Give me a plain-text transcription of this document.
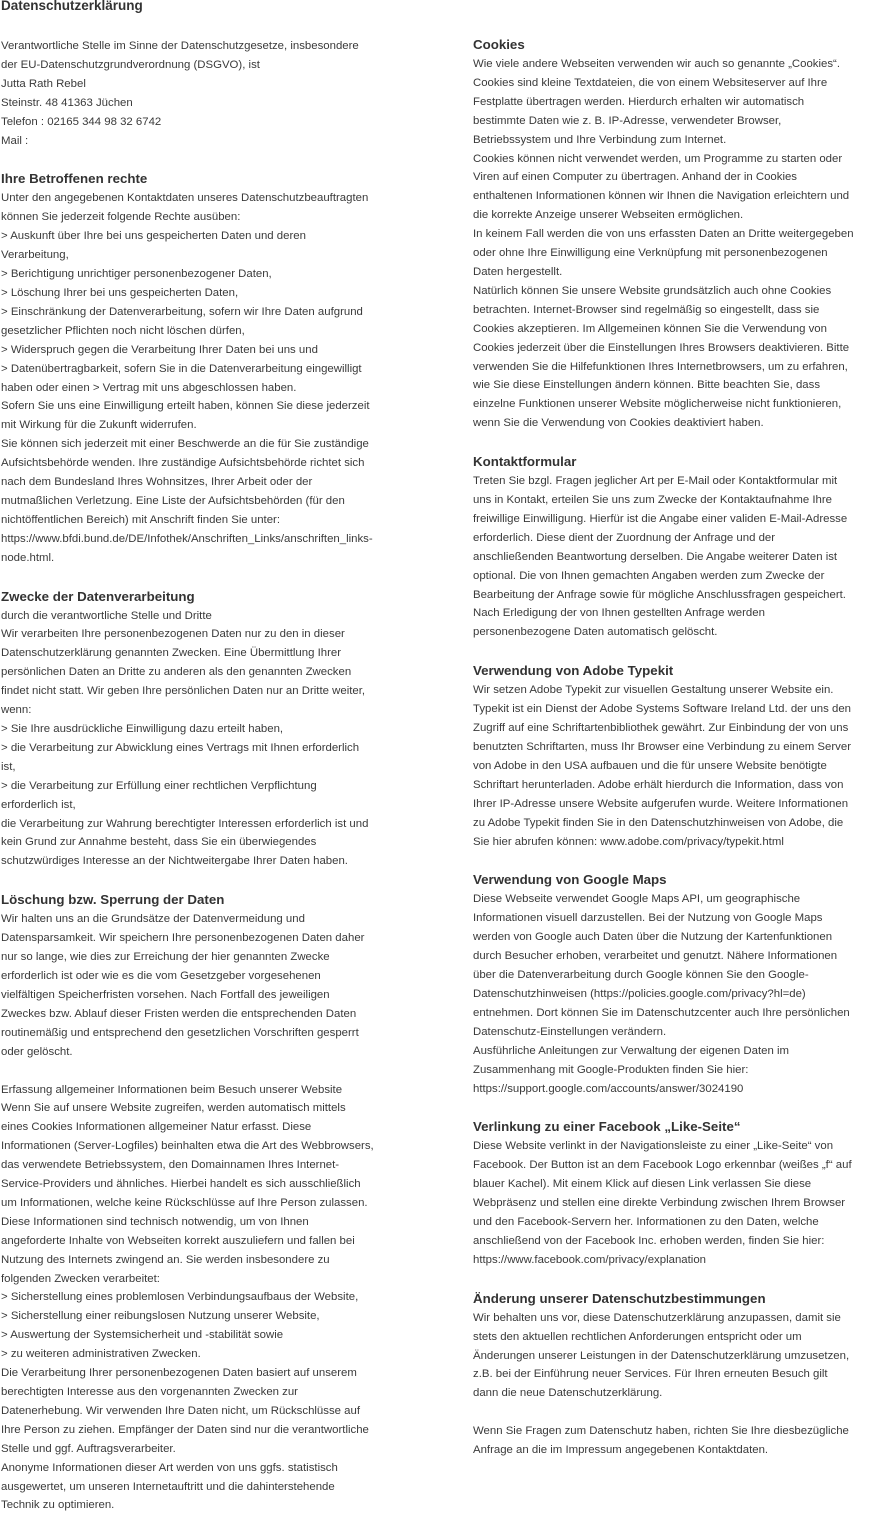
Datenschutzerklärung
Verantwortliche Stelle im Sinne der Datenschutzgesetze, insbesondere
der EU-Datenschutzgrundverordnung (DSGVO), ist
Jutta Rath Rebel
Steinstr. 48 41363 Jüchen
Telefon : 02165 344 98 32 6742
Mail :
Ihre Betroffenen rechte
Unter den angegebenen Kontaktdaten unseres Datenschutzbeauftragten
können Sie jederzeit folgende Rechte ausüben:
> Auskunft über Ihre bei uns gespeicherten Daten und deren
Verarbeitung,
> Berichtigung unrichtiger personenbezogener Daten,
> Löschung Ihrer bei uns gespeicherten Daten,
> Einschränkung der Datenverarbeitung, sofern wir Ihre Daten aufgrund
gesetzlicher Pflichten noch nicht löschen dürfen,
> Widerspruch gegen die Verarbeitung Ihrer Daten bei uns und
> Datenübertragbarkeit, sofern Sie in die Datenverarbeitung eingewilligt
haben oder einen > Vertrag mit uns abgeschlossen haben.
Sofern Sie uns eine Einwilligung erteilt haben, können Sie diese jederzeit
mit Wirkung für die Zukunft widerrufen.
Sie können sich jederzeit mit einer Beschwerde an die für Sie zuständige
Aufsichtsbehörde wenden. Ihre zuständige Aufsichtsbehörde richtet sich
nach dem Bundesland Ihres Wohnsitzes, Ihrer Arbeit oder der
mutmaßlichen Verletzung. Eine Liste der Aufsichtsbehörden (für den
nichtöffentlichen Bereich) mit Anschrift finden Sie unter:
https://www.bfdi.bund.de/DE/Infothek/Anschriften_Links/anschriften_links-
node.html.
Zwecke der Datenverarbeitung
durch die verantwortliche Stelle und Dritte
Wir verarbeiten Ihre personenbezogenen Daten nur zu den in dieser
Datenschutzerklärung genannten Zwecken. Eine Übermittlung Ihrer
persönlichen Daten an Dritte zu anderen als den genannten Zwecken
findet nicht statt. Wir geben Ihre persönlichen Daten nur an Dritte weiter,
wenn:
> Sie Ihre ausdrückliche Einwilligung dazu erteilt haben,
> die Verarbeitung zur Abwicklung eines Vertrags mit Ihnen erforderlich
ist,
> die Verarbeitung zur Erfüllung einer rechtlichen Verpflichtung
erforderlich ist,
die Verarbeitung zur Wahrung berechtigter Interessen erforderlich ist und
kein Grund zur Annahme besteht, dass Sie ein überwiegendes
schutzwürdiges Interesse an der Nichtweitergabe Ihrer Daten haben.
Löschung bzw. Sperrung der Daten
Wir halten uns an die Grundsätze der Datenvermeidung und
Datensparsamkeit. Wir speichern Ihre personenbezogenen Daten daher
nur so lange, wie dies zur Erreichung der hier genannten Zwecke
erforderlich ist oder wie es die vom Gesetzgeber vorgesehenen
vielfältigen Speicherfristen vorsehen. Nach Fortfall des jeweiligen
Zweckes bzw. Ablauf dieser Fristen werden die entsprechenden Daten
routinemäßig und entsprechend den gesetzlichen Vorschriften gesperrt
oder gelöscht.
Erfassung allgemeiner Informationen beim Besuch unserer Website
Wenn Sie auf unsere Website zugreifen, werden automatisch mittels
eines Cookies Informationen allgemeiner Natur erfasst. Diese
Informationen (Server-Logfiles) beinhalten etwa die Art des Webbrowsers,
das verwendete Betriebssystem, den Domainnamen Ihres Internet-
Service-Providers und ähnliches. Hierbei handelt es sich ausschließlich
um Informationen, welche keine Rückschlüsse auf Ihre Person zulassen.
Diese Informationen sind technisch notwendig, um von Ihnen
angeforderte Inhalte von Webseiten korrekt auszuliefern und fallen bei
Nutzung des Internets zwingend an. Sie werden insbesondere zu
folgenden Zwecken verarbeitet:
> Sicherstellung eines problemlosen Verbindungsaufbaus der Website,
> Sicherstellung einer reibungslosen Nutzung unserer Website,
> Auswertung der Systemsicherheit und -stabilität sowie
> zu weiteren administrativen Zwecken.
Die Verarbeitung Ihrer personenbezogenen Daten basiert auf unserem
berechtigten Interesse aus den vorgenannten Zwecken zur
Datenerhebung. Wir verwenden Ihre Daten nicht, um Rückschlüsse auf
Ihre Person zu ziehen. Empfänger der Daten sind nur die verantwortliche
Stelle und ggf. Auftragsverarbeiter.
Anonyme Informationen dieser Art werden von uns ggfs. statistisch
ausgewertet, um unseren Internetauftritt und die dahinterstehende
Technik zu optimieren.
Cookies
Wie viele andere Webseiten verwenden wir auch so genannte „Cookies“.
Cookies sind kleine Textdateien, die von einem Websiteserver auf Ihre
Festplatte übertragen werden. Hierdurch erhalten wir automatisch
bestimmte Daten wie z. B. IP-Adresse, verwendeter Browser,
Betriebssystem und Ihre Verbindung zum Internet.
Cookies können nicht verwendet werden, um Programme zu starten oder
Viren auf einen Computer zu übertragen. Anhand der in Cookies
enthaltenen Informationen können wir Ihnen die Navigation erleichtern und
die korrekte Anzeige unserer Webseiten ermöglichen.
In keinem Fall werden die von uns erfassten Daten an Dritte weitergegeben
oder ohne Ihre Einwilligung eine Verknüpfung mit personenbezogenen
Daten hergestellt.
Natürlich können Sie unsere Website grundsätzlich auch ohne Cookies
betrachten. Internet-Browser sind regelmäßig so eingestellt, dass sie
Cookies akzeptieren. Im Allgemeinen können Sie die Verwendung von
Cookies jederzeit über die Einstellungen Ihres Browsers deaktivieren. Bitte
verwenden Sie die Hilfefunktionen Ihres Internetbrowsers, um zu erfahren,
wie Sie diese Einstellungen ändern können. Bitte beachten Sie, dass
einzelne Funktionen unserer Website möglicherweise nicht funktionieren,
wenn Sie die Verwendung von Cookies deaktiviert haben.
Kontaktformular
Treten Sie bzgl. Fragen jeglicher Art per E-Mail oder Kontaktformular mit
uns in Kontakt, erteilen Sie uns zum Zwecke der Kontaktaufnahme Ihre
freiwillige Einwilligung. Hierfür ist die Angabe einer validen E-Mail-Adresse
erforderlich. Diese dient der Zuordnung der Anfrage und der
anschließenden Beantwortung derselben. Die Angabe weiterer Daten ist
optional. Die von Ihnen gemachten Angaben werden zum Zwecke der
Bearbeitung der Anfrage sowie für mögliche Anschlussfragen gespeichert.
Nach Erledigung der von Ihnen gestellten Anfrage werden
personenbezogene Daten automatisch gelöscht.
Verwendung von Adobe Typekit
Wir setzen Adobe Typekit zur visuellen Gestaltung unserer Website ein.
Typekit ist ein Dienst der Adobe Systems Software Ireland Ltd. der uns den
Zugriff auf eine Schriftartenbibliothek gewährt. Zur Einbindung der von uns
benutzten Schriftarten, muss Ihr Browser eine Verbindung zu einem Server
von Adobe in den USA aufbauen und die für unsere Website benötigte
Schriftart herunterladen. Adobe erhält hierdurch die Information, dass von
Ihrer IP-Adresse unsere Website aufgerufen wurde. Weitere Informationen
zu Adobe Typekit finden Sie in den Datenschutzhinweisen von Adobe, die
Sie hier abrufen können: www.adobe.com/privacy/typekit.html
Verwendung von Google Maps
Diese Webseite verwendet Google Maps API, um geographische
Informationen visuell darzustellen. Bei der Nutzung von Google Maps
werden von Google auch Daten über die Nutzung der Kartenfunktionen
durch Besucher erhoben, verarbeitet und genutzt. Nähere Informationen
über die Datenverarbeitung durch Google können Sie den Google-
Datenschutzhinweisen (https://policies.google.com/privacy?hl=de)
entnehmen. Dort können Sie im Datenschutzcenter auch Ihre persönlichen
Datenschutz-Einstellungen verändern.
Ausführliche Anleitungen zur Verwaltung der eigenen Daten im
Zusammenhang mit Google-Produkten finden Sie hier:
https://support.google.com/accounts/answer/3024190
Verlinkung zu einer Facebook „Like-Seite“
Diese Website verlinkt in der Navigationsleiste zu einer „Like-Seite“ von
Facebook. Der Button ist an dem Facebook Logo erkennbar (weißes „f“ auf
blauer Kachel). Mit einem Klick auf diesen Link verlassen Sie diese
Webpräsenz und stellen eine direkte Verbindung zwischen Ihrem Browser
und den Facebook-Servern her. Informationen zu den Daten, welche
anschließend von der Facebook Inc. erhoben werden, finden Sie hier:
https://www.facebook.com/privacy/explanation
Änderung unserer Datenschutzbestimmungen
Wir behalten uns vor, diese Datenschutzerklärung anzupassen, damit sie
stets den aktuellen rechtlichen Anforderungen entspricht oder um
Änderungen unserer Leistungen in der Datenschutzerklärung umzusetzen,
z.B. bei der Einführung neuer Services. Für Ihren erneuten Besuch gilt
dann die neue Datenschutzerklärung.
Wenn Sie Fragen zum Datenschutz haben, richten Sie Ihre diesbezügliche
Anfrage an die im Impressum angegebenen Kontaktdaten.
